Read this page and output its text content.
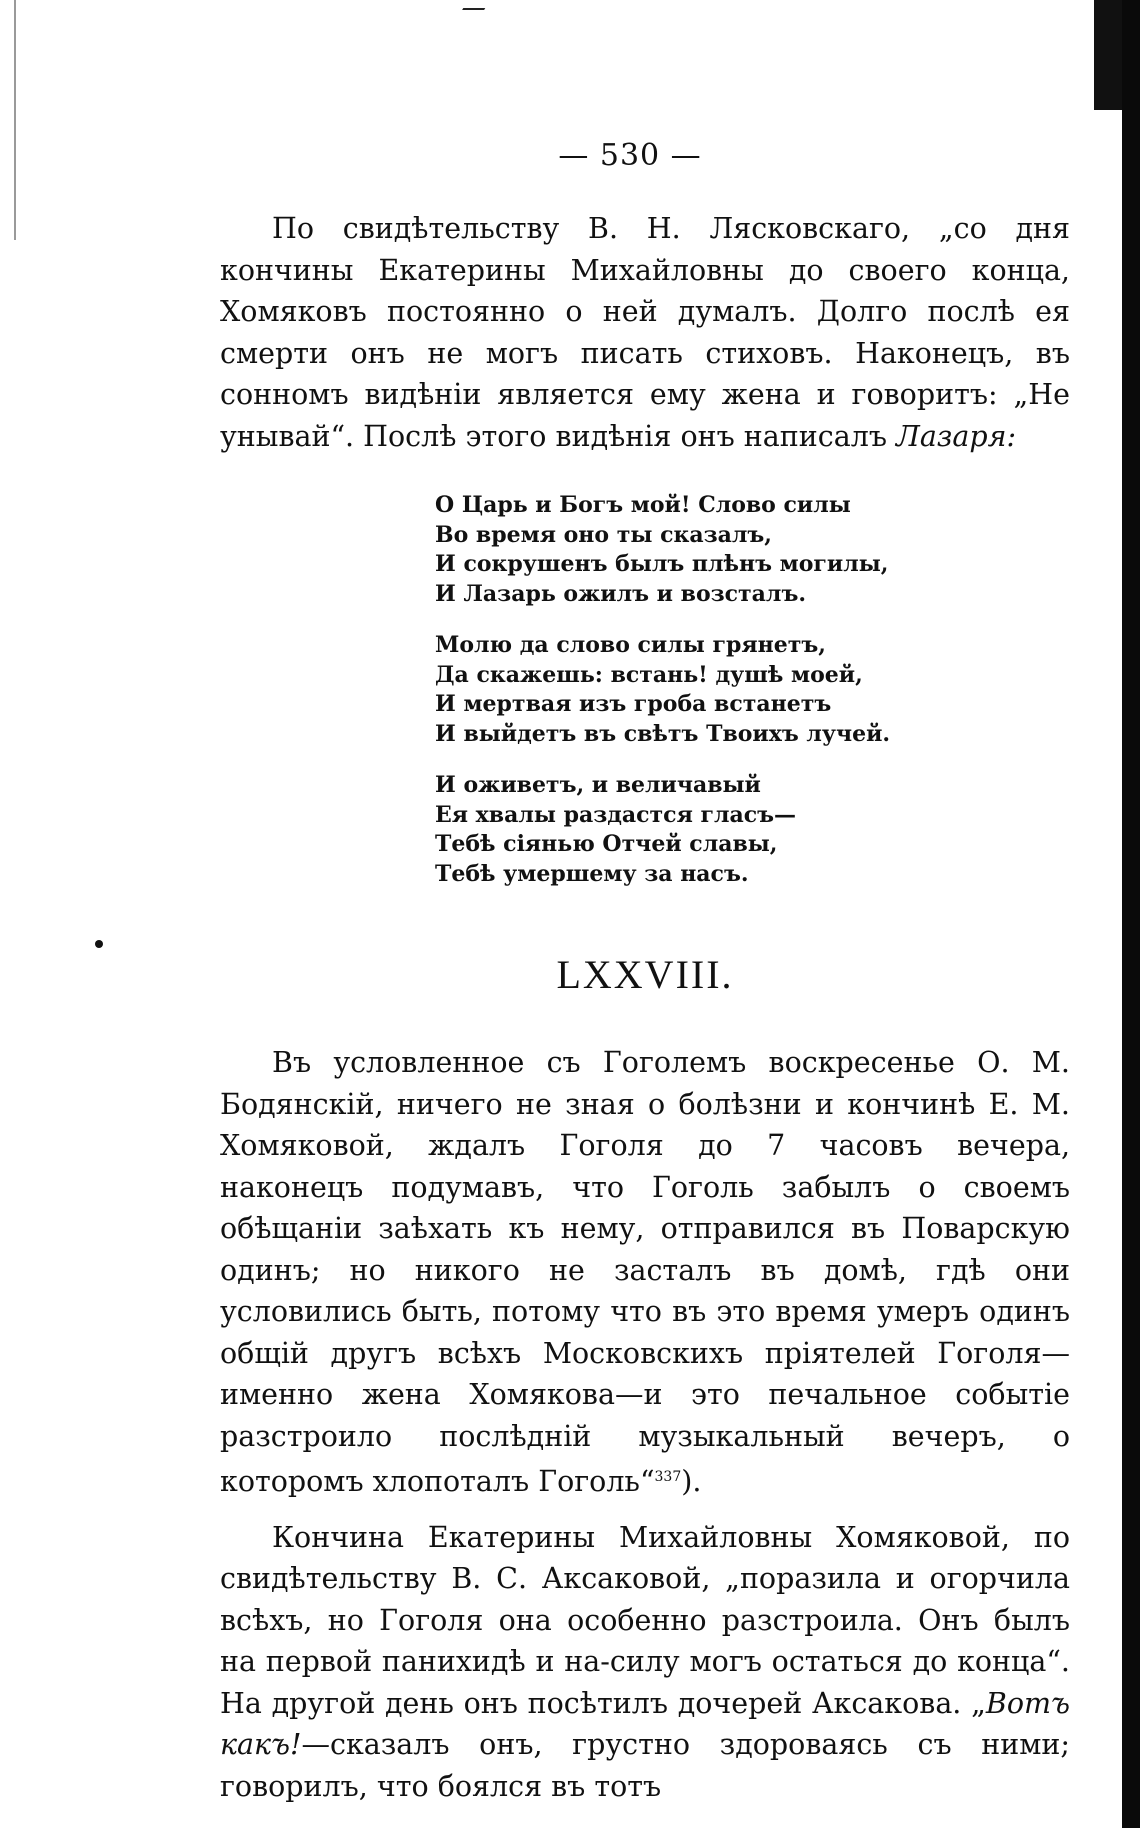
— 530 —

По свидѣтельству В. Н. Лясковскаго, „со дня кончины Екатерины Михайловны до своего конца, Хомяковъ постоянно о ней думалъ. Долго послѣ ея смерти онъ не могъ писать стиховъ. Наконецъ, въ сонномъ видѣніи является ему жена и говоритъ: „Не унывай“. Послѣ этого видѣнія онъ написалъ Лазаря:

О Царь и Богъ мой! Слово силы
Во время оно ты сказалъ,
И сокрушенъ былъ плѣнъ могилы,
И Лазарь ожилъ и возсталъ.
Молю да слово силы грянетъ,
Да скажешь: встань! душѣ моей,
И мертвая изъ гроба встанетъ
И выйдетъ въ свѣтъ Твоихъ лучей.
И оживетъ, и величавый
Ея хвалы раздастся гласъ—
Тебѣ сіянью Отчей славы,
Тебѣ умершему за насъ.
LXXVIII.

Въ условленное съ Гоголемъ воскресенье О. М. Бодянскій, ничего не зная о болѣзни и кончинѣ Е. М. Хомяковой, ждалъ Гоголя до 7 часовъ вечера, наконецъ подумавъ, что Гоголь забылъ о своемъ обѣщаніи заѣхать къ нему, отправился въ Поварскую одинъ; но никого не засталъ въ домѣ, гдѣ они условились быть, потому что въ это время умеръ одинъ общій другъ всѣхъ Московскихъ пріятелей Гоголя—именно жена Хомякова—и это печальное событіе разстроило послѣдній музыкальный вечеръ, о которомъ хлопоталъ Гоголь“$^{337}$).

Кончина Екатерины Михайловны Хомяковой, по свидѣтельству В. С. Аксаковой, „поразила и огорчила всѣхъ, но Гоголя она особенно разстроила. Онъ былъ на первой панихидѣ и на-силу могъ остаться до конца“. На другой день онъ посѣтилъ дочерей Аксакова. „Вотъ какъ!—сказалъ онъ, грустно здороваясь съ ними; говорилъ, что боялся въ тотъ
